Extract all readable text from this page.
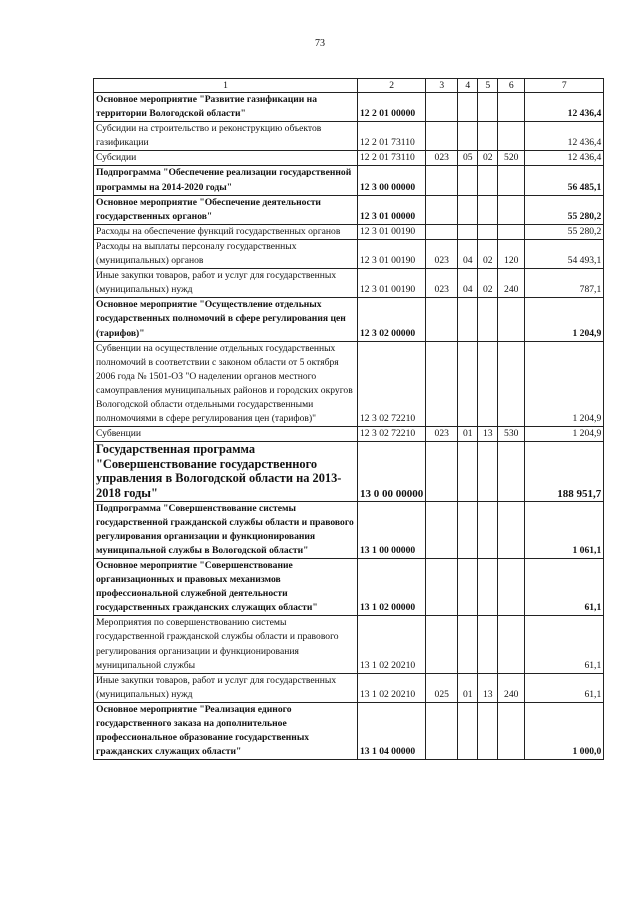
73
1	2	3	4	5	6	7
Основное мероприятие "Развитие газификации на территории Вологодской области"	12 2 01 00000					12 436,4
Субсидии на строительство и реконструкцию объектов газификации	12 2 01 73110					12 436,4
Субсидии	12 2 01 73110	023	05	02	520	12 436,4
Подпрограмма "Обеспечение реализации государственной программы на 2014-2020 годы"	12 3 00 00000					56 485,1
Основное мероприятие "Обеспечение деятельности государственных органов"	12 3 01 00000					55 280,2
Расходы на обеспечение функций государственных органов	12 3 01 00190					55 280,2
Расходы на выплаты персоналу государственных (муниципальных) органов	12 3 01 00190	023	04	02	120	54 493,1
Иные закупки товаров, работ и услуг для государственных (муниципальных) нужд	12 3 01 00190	023	04	02	240	787,1
Основное мероприятие "Осуществление отдельных государственных полномочий в сфере регулирования цен (тарифов)"	12 3 02 00000					1 204,9
Субвенции на осуществление отдельных государственных полномочий в соответствии с законом области от 5 октября 2006 года № 1501-ОЗ "О наделении органов местного самоуправления муниципальных районов и городских округов Вологодской области отдельными государственными полномочиями в сфере регулирования цен (тарифов)"	12 3 02 72210					1 204,9
Субвенции	12 3 02 72210	023	01	13	530	1 204,9
Государственная программа "Совершенствование государственного управления в Вологодской области на 2013-2018 годы"	13 0 00 00000					188 951,7
Подпрограмма "Совершенствование системы государственной гражданской службы области и правового регулирования организации и функционирования муниципальной службы в Вологодской области"	13 1 00 00000					1 061,1
Основное мероприятие "Совершенствование организационных и правовых механизмов профессиональной служебной деятельности государственных гражданских служащих области"	13 1 02 00000					61,1
Мероприятия по совершенствованию системы государственной гражданской службы области и правового регулирования организации и функционирования муниципальной службы	13 1 02 20210					61,1
Иные закупки товаров, работ и услуг для государственных (муниципальных) нужд	13 1 02 20210	025	01	13	240	61,1
Основное мероприятие "Реализация единого государственного заказа на дополнительное профессиональное образование государственных гражданских служащих области"	13 1 04 00000					1 000,0
